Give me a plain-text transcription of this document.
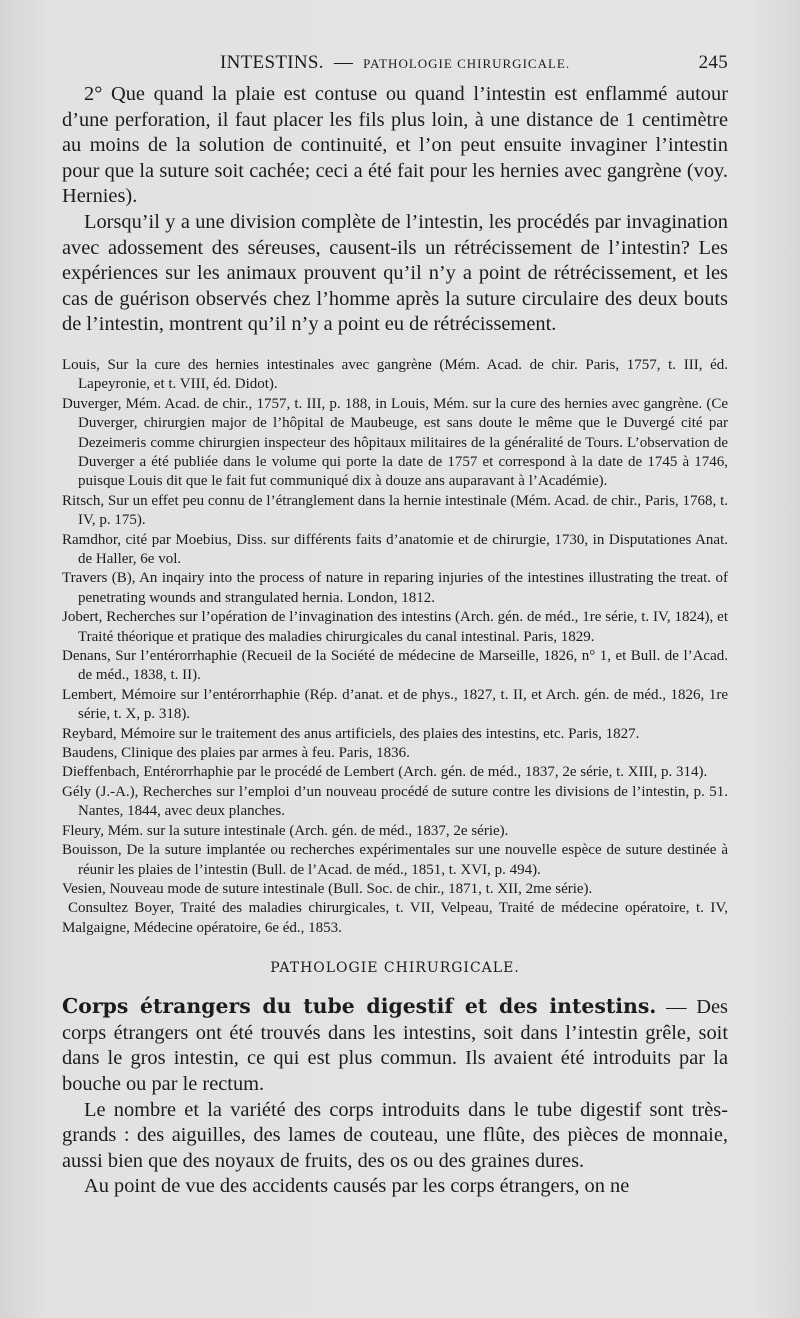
INTESTINS. — PATHOLOGIE CHIRURGICALE.	245

2° Que quand la plaie est contuse ou quand l’intestin est enflammé autour d’une perforation, il faut placer les fils plus loin, à une distance de 1 centimètre au moins de la solution de continuité, et l’on peut ensuite invaginer l’intestin pour que la suture soit cachée; ceci a été fait pour les hernies avec gangrène (voy. Hernies).

Lorsqu’il y a une division complète de l’intestin, les procédés par invagination avec adossement des séreuses, causent-ils un rétrécissement de l’intestin? Les expériences sur les animaux prouvent qu’il n’y a point de rétrécissement, et les cas de guérison observés chez l’homme après la suture circulaire des deux bouts de l’intestin, montrent qu’il n’y a point eu de rétrécissement.

Louis, Sur la cure des hernies intestinales avec gangrène (Mém. Acad. de chir. Paris, 1757, t. III, éd. Lapeyronie, et t. VIII, éd. Didot).

Duverger, Mém. Acad. de chir., 1757, t. III, p. 188, in Louis, Mém. sur la cure des hernies avec gangrène. (Ce Duverger, chirurgien major de l’hôpital de Maubeuge, est sans doute le même que le Duvergé cité par Dezeimeris comme chirurgien inspecteur des hôpitaux militaires de la généralité de Tours. L’observation de Duverger a été publiée dans le volume qui porte la date de 1757 et correspond à la date de 1745 à 1746, puisque Louis dit que le fait fut communiqué dix à douze ans auparavant à l’Académie).

Ritsch, Sur un effet peu connu de l’étranglement dans la hernie intestinale (Mém. Acad. de chir., Paris, 1768, t. IV, p. 175).

Ramdhor, cité par Moebius, Diss. sur différents faits d’anatomie et de chirurgie, 1730, in Disputationes Anat. de Haller, 6e vol.

Travers (B), An inqairy into the process of nature in reparing injuries of the intestines illustrating the treat. of penetrating wounds and strangulated hernia. London, 1812.

Jobert, Recherches sur l’opération de l’invagination des intestins (Arch. gén. de méd., 1re série, t. IV, 1824), et Traité théorique et pratique des maladies chirurgicales du canal intestinal. Paris, 1829.

Denans, Sur l’entérorrhaphie (Recueil de la Société de médecine de Marseille, 1826, n° 1, et Bull. de l’Acad. de méd., 1838, t. II).

Lembert, Mémoire sur l’entérorrhaphie (Rép. d’anat. et de phys., 1827, t. II, et Arch. gén. de méd., 1826, 1re série, t. X, p. 318).

Reybard, Mémoire sur le traitement des anus artificiels, des plaies des intestins, etc. Paris, 1827.

Baudens, Clinique des plaies par armes à feu. Paris, 1836.

Dieffenbach, Entérorrhaphie par le procédé de Lembert (Arch. gén. de méd., 1837, 2e série, t. XIII, p. 314).

Gély (J.-A.), Recherches sur l’emploi d’un nouveau procédé de suture contre les divisions de l’intestin, p. 51. Nantes, 1844, avec deux planches.

Fleury, Mém. sur la suture intestinale (Arch. gén. de méd., 1837, 2e série).

Bouisson, De la suture implantée ou recherches expérimentales sur une nouvelle espèce de suture destinée à réunir les plaies de l’intestin (Bull. de l’Acad. de méd., 1851, t. XVI, p. 494).

Vesien, Nouveau mode de suture intestinale (Bull. Soc. de chir., 1871, t. XII, 2me série).

Consultez Boyer, Traité des maladies chirurgicales, t. VII, Velpeau, Traité de médecine opératoire, t. IV, Malgaigne, Médecine opératoire, 6e éd., 1853.

PATHOLOGIE CHIRURGICALE.

Corps étrangers du tube digestif et des intestins. — Des corps étrangers ont été trouvés dans les intestins, soit dans l’intestin grêle, soit dans le gros intestin, ce qui est plus commun. Ils avaient été introduits par la bouche ou par le rectum.

Le nombre et la variété des corps introduits dans le tube digestif sont très-grands : des aiguilles, des lames de couteau, une flûte, des pièces de monnaie, aussi bien que des noyaux de fruits, des os ou des graines dures.

Au point de vue des accidents causés par les corps étrangers, on ne
